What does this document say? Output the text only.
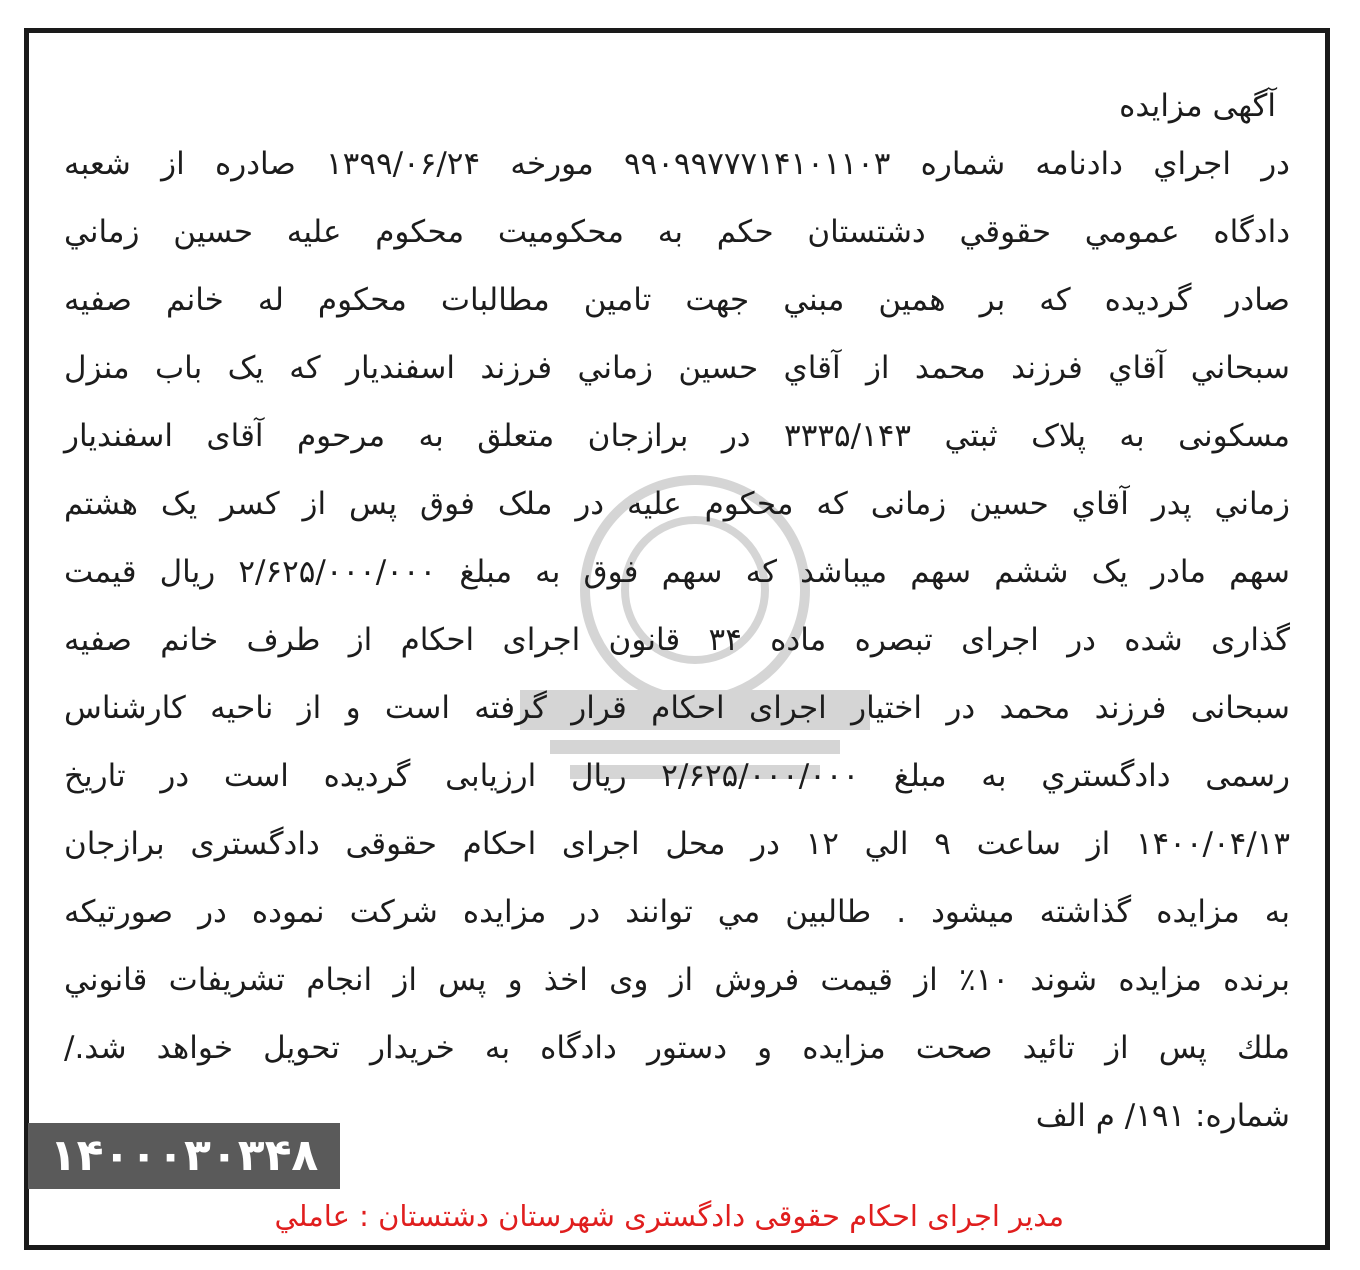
آگهی مزایده
در اجراي دادنامه شماره ۹۹۰۹۹۷۷۷۱۴۱۰۱۱۰۳ مورخه ۱۳۹۹/۰۶/۲۴ صادره از شعبه
دادگاه عمومي حقوقي دشتستان حكم به محكوميت محكوم عليه حسين زماني
صادر گرديده كه بر همين مبني جهت تامين مطالبات محكوم له خانم صفيه
سبحاني آقاي فرزند محمد از آقاي حسين زماني فرزند اسفنديار كه يک باب منزل
مسكونی به پلاک ثبتي ۳۳۳۵/۱۴۳ در برازجان متعلق به مرحوم آقای اسفنديار
زماني پدر آقاي حسين زمانی كه محكوم عليه در ملک فوق پس از كسر يک هشتم
سهم مادر يک ششم سهم ميباشد كه سهم فوق به مبلغ ۲/۶۲۵/۰۰۰/۰۰۰ ريال قيمت
گذاری شده در اجرای تبصره ماده ۳۴ قانون اجرای احكام از طرف خانم صفيه
سبحانی فرزند محمد در اختيار اجرای احكام قرار گرفته است و از ناحيه كارشناس
رسمی دادگستري به مبلغ ۲/۶۲۵/۰۰۰/۰۰۰ ريال ارزيابی گرديده است در تاريخ
۱۴۰۰/۰۴/۱۳ از ساعت ۹ الي ۱۲ در محل اجرای احكام حقوقی دادگستری برازجان
به مزايده گذاشته ميشود . طالبين مي توانند در مزايده شركت نموده در صورتيكه
برنده مزايده شوند ۱۰٪ از قيمت فروش از وی اخذ و پس از انجام تشريفات قانوني
ملك پس از تائيد صحت مزايده و دستور دادگاه به خريدار تحويل خواهد شد./
شماره: ۱۹۱/ م الف
۱۴۰۰۰۳۰۳۴۸
مدير اجرای احكام حقوقی دادگستری شهرستان دشتستان : عاملي
